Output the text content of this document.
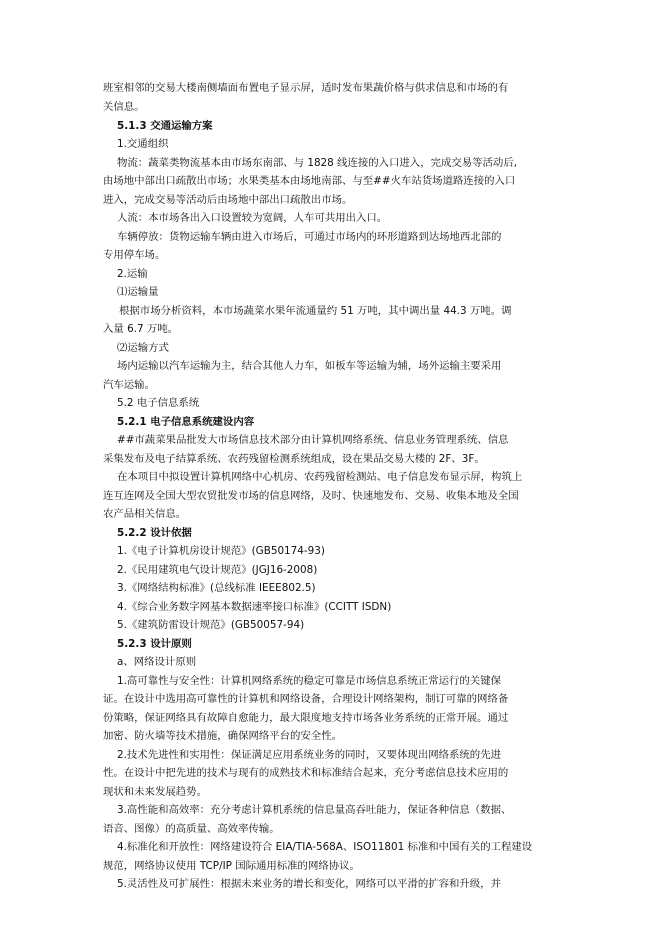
班室相邻的交易大楼南侧墙面布置电子显示屏，适时发布果蔬价格与供求信息和市场的有
关信息。
5.1.3 交通运输方案
1.交通组织
物流：蔬菜类物流基本由市场东南部、与 1828 线连接的入口进入，完成交易等活动后,
由场地中部出口疏散出市场；水果类基本由场地南部、与至##火车站货场道路连接的入口
进入，完成交易等活动后由场地中部出口疏散出市场。
人流：本市场各出入口设置较为宽阔，人车可共用出入口。
车辆停放：货物运输车辆由进入市场后，可通过市场内的环形道路到达场地西北部的
专用停车场。
2.运输
⑴运输量
根据市场分析资料，本市场蔬菜水果年流通量约 51 万吨，其中调出量 44.3 万吨。调
入量 6.7 万吨。
⑵运输方式
场内运输以汽车运输为主，结合其他人力车，如板车等运输为辅，场外运输主要采用
汽车运输。
5.2 电子信息系统
5.2.1 电子信息系统建设内容
##市蔬菜果品批发大市场信息技术部分由计算机网络系统、信息业务管理系统、信息
采集发布及电子结算系统、农药残留检测系统组成，设在果品交易大楼的 2F、3F。
在本项目中拟设置计算机网络中心机房、农药残留检测站、电子信息发布显示屏，构筑上
连互连网及全国大型农贸批发市场的信息网络，及时、快速地发布、交易、收集本地及全国
农产品相关信息。
5.2.2 设计依据
1.《电子计算机房设计规范》(GB50174-93)
2.《民用建筑电气设计规范》(JGJ16-2008)
3.《网络结构标准》(总线标准 IEEE802.5)
4.《综合业务数字网基本数据速率接口标准》(CCITT ISDN)
5.《建筑防雷设计规范》(GB50057-94)
5.2.3 设计原则
a、网络设计原则
1.高可靠性与安全性：计算机网络系统的稳定可靠是市场信息系统正常运行的关键保
证。在设计中选用高可靠性的计算机和网络设备，合理设计网络架构，制订可靠的网络备
份策略，保证网络具有故障自愈能力，最大限度地支持市场各业务系统的正常开展。通过
加密、防火墙等技术措施，确保网络平台的安全性。
2.技术先进性和实用性：保证满足应用系统业务的同时，又要体现出网络系统的先进
性。在设计中把先进的技术与现有的成熟技术和标准结合起来，充分考虑信息技术应用的
现状和未来发展趋势。
3.高性能和高效率：充分考虑计算机系统的信息量高吞吐能力，保证各种信息（数据、
语音、图像）的高质量、高效率传输。
4.标准化和开放性：网络建设符合 EIA/TIA-568A、ISO11801 标准和中国有关的工程建设
规范，网络协议使用 TCP/IP 国际通用标准的网络协议。
5.灵活性及可扩展性：根据未来业务的增长和变化，网络可以平滑的扩容和升级，并
